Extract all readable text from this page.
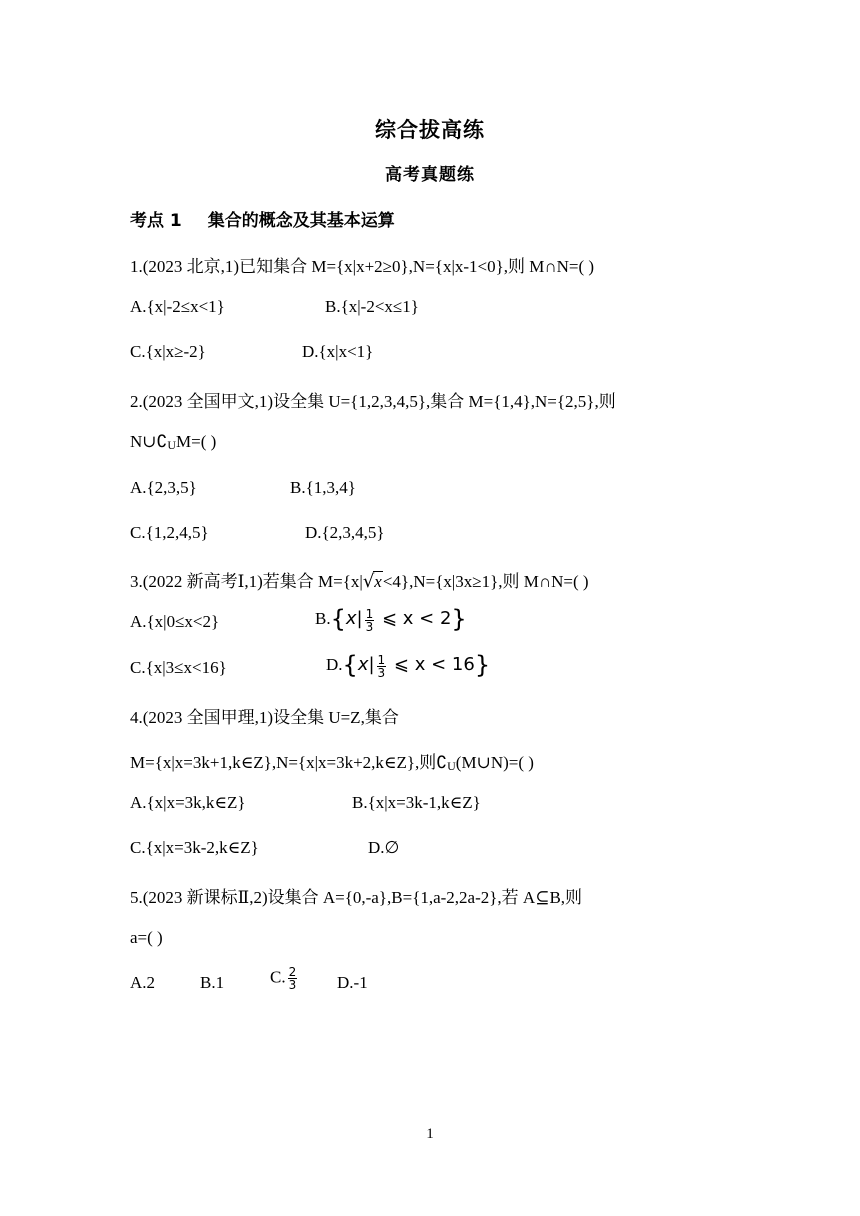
综合拔高练
高考真题练
考点 1 集合的概念及其基本运算
1.(2023 北京,1)已知集合 M={x|x+2≥0},N={x|x-1<0},则 M∩N=( )
A.{x|-2≤x<1}	B.{x|-2<x≤1}
C.{x|x≥-2}	D.{x|x<1}
2.(2023 全国甲文,1)设全集 U={1,2,3,4,5},集合 M={1,4},N={2,5},则
N∪∁UM=( )
A.{2,3,5}	B.{1,3,4}
C.{1,2,4,5}	D.{2,3,4,5}
3.(2022 新高考Ⅰ,1)若集合 M={x|√x<4},N={x|3x≥1},则 M∩N=( )
A.{x|0≤x<2}	$B.\{x| \frac{1}{3}$ ⩽ x < 2}
C.{x|3≤x<16}	$D.\{x| \frac{1}{3}$ ⩽ x < 16}
4.(2023 全国甲理,1)设全集 U=Z,集合
M={x|x=3k+1,k∈Z},N={x|x=3k+2,k∈Z},则∁U(M∪N)=( )
A.{x|x=3k,k∈Z}	B.{x|x=3k-1,k∈Z}
C.{x|x=3k-2,k∈Z}	D.∅
5.(2023 新课标Ⅱ,2)设集合 A={0,-a},B={1,a-2,2a-2},若 A⊆B,则
a=( )
A.2	B.1	C. $\frac{2}{3} D.-1$
1
